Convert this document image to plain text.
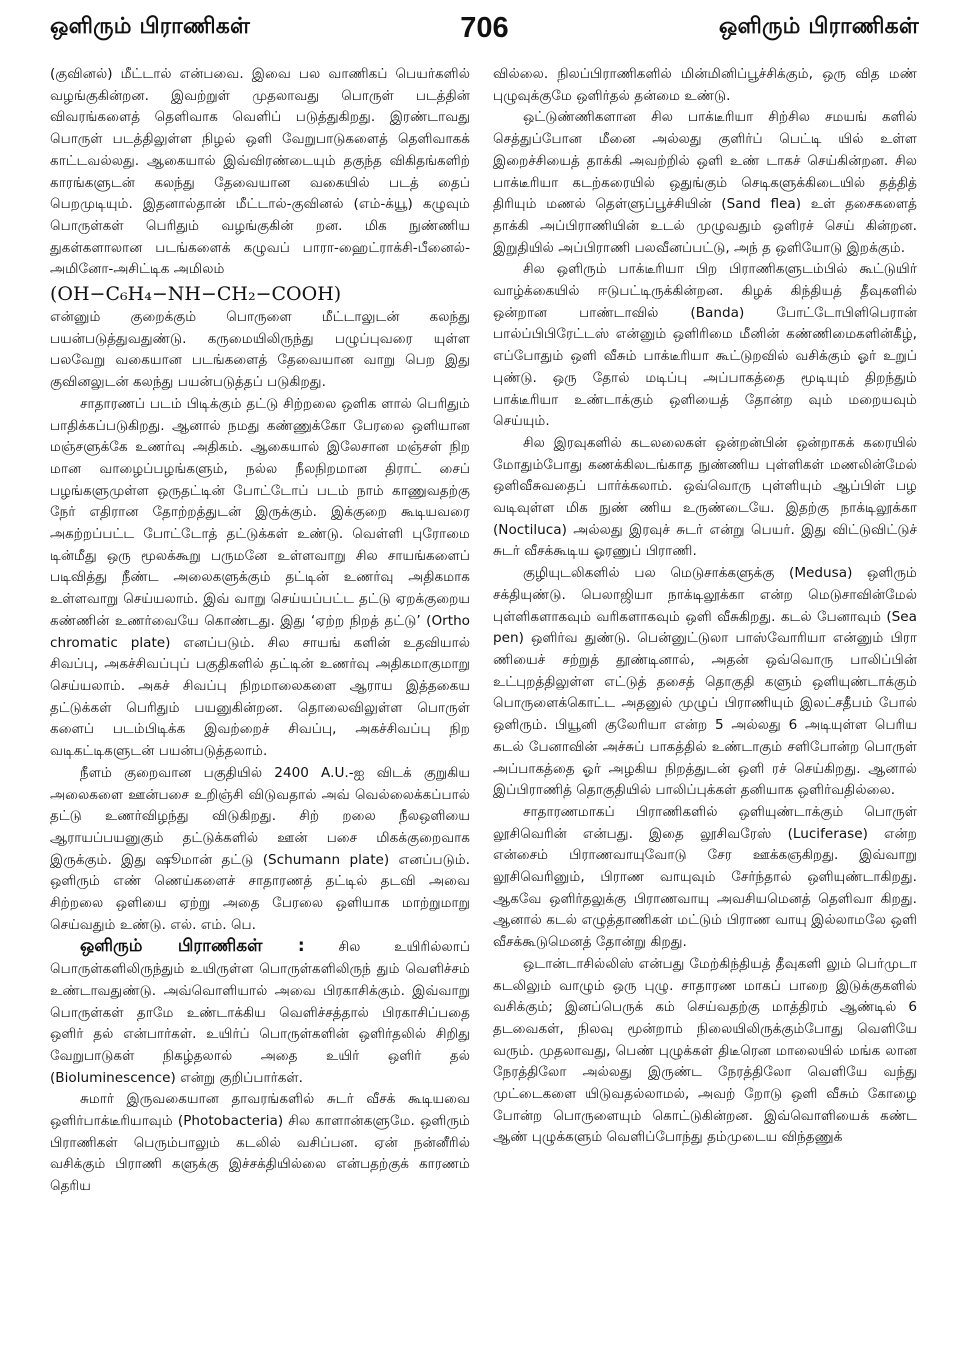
ஒளிரும் பிராணிகள்	706	ஒளிரும் பிராணிகள்

(குவினல்) மீட்டால் என்பவை. இவை பல வாணிகப் பெயர்களில் வழங்குகின்றன. இவற்றுள் முதலாவது பொருள் படத்தின் விவரங்களைத் தெளிவாக வெளிப் படுத்துகிறது. இரண்டாவது பொருள் படத்திலுள்ள நிழல் ஒளி வேறுபாடுகளைத் தெளிவாகக் காட்டவல்லது. ஆகையால் இவ்விரண்டையும் தகுந்த விகிதங்களிற் காரங்களுடன் கலந்து தேவையான வகையில் படத் தைப் பெறமுடியும். இதனால்தான் மீட்டால்-குவினல் (எம்-க்யூ) கழுவும் பொருள்கள் பெரிதும் வழங்குகின் றன. மிக நுண்ணிய துகள்களாலான படங்களைக் கழுவப் பாரா-ஹைட்ராக்சி-பீனைல்-அமினோ-அசிட்டிக அமிலம்
(OH−C₆H₄−NH−CH₂−COOH)
என்னும் குறைக்கும் பொருளை மீட்டாலுடன் கலந்து பயன்படுத்துவதுண்டு. கருமையிலிருந்து பழுப்புவரை யுள்ள பலவேறு வகையான படங்களைத் தேவையான வாறு பெற இது குவினலுடன் கலந்து பயன்படுத்தப் படுகிறது.

சாதாரணப் படம் பிடிக்கும் தட்டு சிற்றலை ஒளிக ளால் பெரிதும் பாதிக்கப்படுகிறது. ஆனால் நமது கண்ணுக்கோ பேரலை ஒளியான மஞ்சளுக்கே உணர்வு அதிகம். ஆகையால் இலேசான மஞ்சள் நிற மான வாழைப்பழங்களும், நல்ல நீலநிறமான திராட் சைப் பழங்களுமுள்ள ஒருதட்டின் போட்டோப் படம் நாம் காணுவதற்கு நேர் எதிரான தோற்றத்துடன் இருக்கும். இக்குறை கூடியவரை அகற்றப்பட்ட போட்டோத் தட்டுக்கள் உண்டு. வெள்ளி புரோமை டின்மீது ஒரு மூலக்கூறு பருமனே உள்ளவாறு சில சாயங்களைப் படிவித்து நீண்ட அலைகளுக்கும் தட்டின் உணர்வு அதிகமாக உள்ளவாறு செய்யலாம். இவ் வாறு செய்யப்பட்ட தட்டு ஏறக்குறைய கண்ணின் உணர்வையே கொண்டது. இது ‘ஏற்ற நிறத் தட்டு’ (Ortho chromatic plate) எனப்படும். சில சாயங் களின் உதவியால் சிவப்பு, அகச்சிவப்புப் பகுதிகளில் தட்டின் உணர்வு அதிகமாகுமாறு செய்யலாம். அகச் சிவப்பு நிறமாலைகளை ஆராய இத்தகைய தட்டுக்கள் பெரிதும் பயனுகின்றன. தொலைவிலுள்ள பொருள் களைப் படம்பிடிக்க இவற்றைச் சிவப்பு, அகச்சிவப்பு நிற வடிகட்டிகளுடன் பயன்படுத்தலாம்.

நீளம் குறைவான பகுதியில் 2400 A.U.-ஐ விடக் குறுகிய அலைகளை ஊன்பசை உறிஞ்சி விடுவதால் அவ் வெல்லைக்கப்பால் தட்டு உணர்விழந்து விடுகிறது. சிற் றலை நீலஒளியை ஆராயப்பயனுகும் தட்டுக்களில் ஊன் பசை மிகக்குறைவாக இருக்கும். இது ஷூமான் தட்டு (Schumann plate) எனப்படும். ஒளிரும் எண் ணெய்களைச் சாதாரணத் தட்டில் தடவி அவை சிற்றலை ஒளியை ஏற்று அதை பேரலை ஒளியாக மாற்றுமாறு செய்வதும் உண்டு. எல். எம். பெ.

ஒளிரும் பிராணிகள் : சில உயிரில்லாப் பொருள்களிலிருந்தும் உயிருள்ள பொருள்களிலிருந் தும் வெளிச்சம் உண்டாவதுண்டு. அவ்வொளியால் அவை பிரகாசிக்கும். இவ்வாறு பொருள்கள் தாமே உண்டாக்கிய வெளிச்சத்தால் பிரகாசிப்பதை ஒளிர் தல் என்பார்கள். உயிர்ப் பொருள்களின் ஒளிர்தலில் சிறிது வேறுபாடுகள் நிகழ்தலால் அதை உயிர் ஒளிர் தல் (Bioluminescence) என்று குறிப்பார்கள்.

சுமார் இருவகையான தாவரங்களில் சுடர் வீசக் கூடியவை ஒளிர்பாக்டீரியாவும் (Photobacteria) சில காளான்களுமே. ஒளிரும் பிராணிகள் பெரும்பாலும் கடலில் வசிப்பன. ஏன் நன்னீரில் வசிக்கும் பிராணி களுக்கு இச்சக்தியில்லை என்பதற்குக் காரணம் தெரிய

வில்லை. நிலப்பிராணிகளில் மின்மினிப்பூச்சிக்கும், ஒரு வித மண் புழுவுக்குமே ஒளிர்தல் தன்மை உண்டு.

ஒட்டுண்ணிகளான சில பாக்டீரியா சிற்சில சமயங் களில் செத்துப்போன மீனை அல்லது குளிர்ப் பெட்டி யில் உள்ள இறைச்சியைத் தாக்கி அவற்றில் ஒளி உண் டாகச் செய்கின்றன. சில பாக்டீரியா கடற்கரையில் ஒதுங்கும் செடிகளுக்கிடையில் தத்தித் திரியும் மணல் தெள்ளுப்பூச்சியின் (Sand flea) உள் தசைகளைத் தாக்கி அப்பிராணியின் உடல் முழுவதும் ஒளிரச் செய் கின்றன. இறுதியில் அப்பிராணி பலவீனப்பட்டு, அந் த ஒளியோடு இறக்கும்.

சில ஒளிரும் பாக்டீரியா பிற பிராணிகளுடம்பில் கூட்டுயிர் வாழ்க்கையில் ஈடுபட்டிருக்கின்றன. கிழக் கிந்தியத் தீவுகளில் ஒன்றான பாண்டாவில் (Banda) போட்டோபிளிபெரான் பால்ப்பிபிரேட்டஸ் என்னும் ஒளிரிமை மீனின் கண்ணிமைகளின்கீழ், எப்போதும் ஒளி வீசும் பாக்டீரியா கூட்டுறவில் வசிக்கும் ஓர் உறுப் புண்டு. ஒரு தோல் மடிப்பு அப்பாகத்தை மூடியும் திறந்தும் பாக்டீரியா உண்டாக்கும் ஒளியைத் தோன்ற வும் மறையவும் செய்யும்.

சில இரவுகளில் கடலலைகள் ஒன்றன்பின் ஒன்றாகக் கரையில் மோதும்போது கணக்கிலடங்காத நுண்ணிய புள்ளிகள் மணலின்மேல் ஒளிவீசுவதைப் பார்க்கலாம். ஒவ்வொரு புள்ளியும் ஆப்பிள் பழ வடிவுள்ள மிக நுண் ணிய உருண்டையே. இதற்கு நாக்டிலூக்கா (Noctiluca) அல்லது இரவுச் சுடர் என்று பெயர். இது விட்டுவிட்டுச் சுடர் வீசக்கூடிய ஓரணுப் பிராணி.

குழியுடலிகளில் பல மெடுசாக்களுக்கு (Medusa) ஒளிரும் சக்தியுண்டு. பெலாஜியா நாக்டிலூக்கா என்ற மெடுசாவின்மேல் புள்ளிகளாகவும் வரிகளாகவும் ஒளி வீசுகிறது. கடல் பேனாவும் (Sea pen) ஒளிர்வ துண்டு. பென்னுட்டுலா பாஸ்வோரியா என்னும் பிரா ணியைச் சற்றுத் தூண்டினால், அதன் ஒவ்வொரு பாலிப்பின் உட்புறத்திலுள்ள எட்டுத் தசைத் தொகுதி களும் ஒளியுண்டாக்கும் பொருளைக்கொட்ட அதனுல் முழுப் பிராணியும் இலட்சதீபம் போல் ஒளிரும். பியூனி குலேரியா என்ற 5 அல்லது 6 அடியுள்ள பெரிய கடல் பேனாவின் அச்சுப் பாகத்தில் உண்டாகும் சளிபோன்ற பொருள் அப்பாகத்தை ஓர் அழகிய நிறத்துடன் ஒளி ரச் செய்கிறது. ஆனால் இப்பிராணித் தொகுதியில் பாலிப்புக்கள் தனியாக ஒளிர்வதில்லை.

சாதாரணமாகப் பிராணிகளில் ஒளியுண்டாக்கும் பொருள் லூசிவெரின் என்பது. இதை லூசிவரேஸ் (Luciferase) என்ற என்சைம் பிராணவாயுவோடு சேர ஊக்கஞகிறது. இவ்வாறு லூசிவெரினும், பிராண வாயுவும் சேர்ந்தால் ஒளியுண்டாகிறது. ஆகவே ஒளிர்தலுக்கு பிராணவாயு அவசியமெனத் தெளிவா கிறது. ஆனால் கடல் எழுத்தாணிகள் மட்டும் பிராண வாயு இல்லாமலே ஒளி வீசக்கூடுமெனத் தோன்று கிறது.

ஒடான்டாசில்லிஸ் என்பது மேற்கிந்தியத் தீவுகளி லும் பெர்முடா கடலிலும் வாழும் ஒரு புழு. சாதாரண மாகப் பாறை இடுக்குகளில் வசிக்கும்; இனப்பெருக் கம் செய்வதற்கு மாத்திரம் ஆண்டில் 6 தடவைகள், நிலவு மூன்றாம் நிலையிலிருக்கும்போது வெளியே வரும். முதலாவது, பெண் புழுக்கள் திடீரென மாலையில் மங்க லான நேரத்திலோ அல்லது இருண்ட நேரத்திலோ வெளியே வந்து முட்டைகளை யிடுவதல்லாமல், அவற் றோடு ஒளி வீசும் கோழை போன்ற பொருளையும் கொட்டுகின்றன. இவ்வொளியைக் கண்ட ஆண் புழுக்களும் வெளிப்போந்து தம்முடைய விந்தணுக்
